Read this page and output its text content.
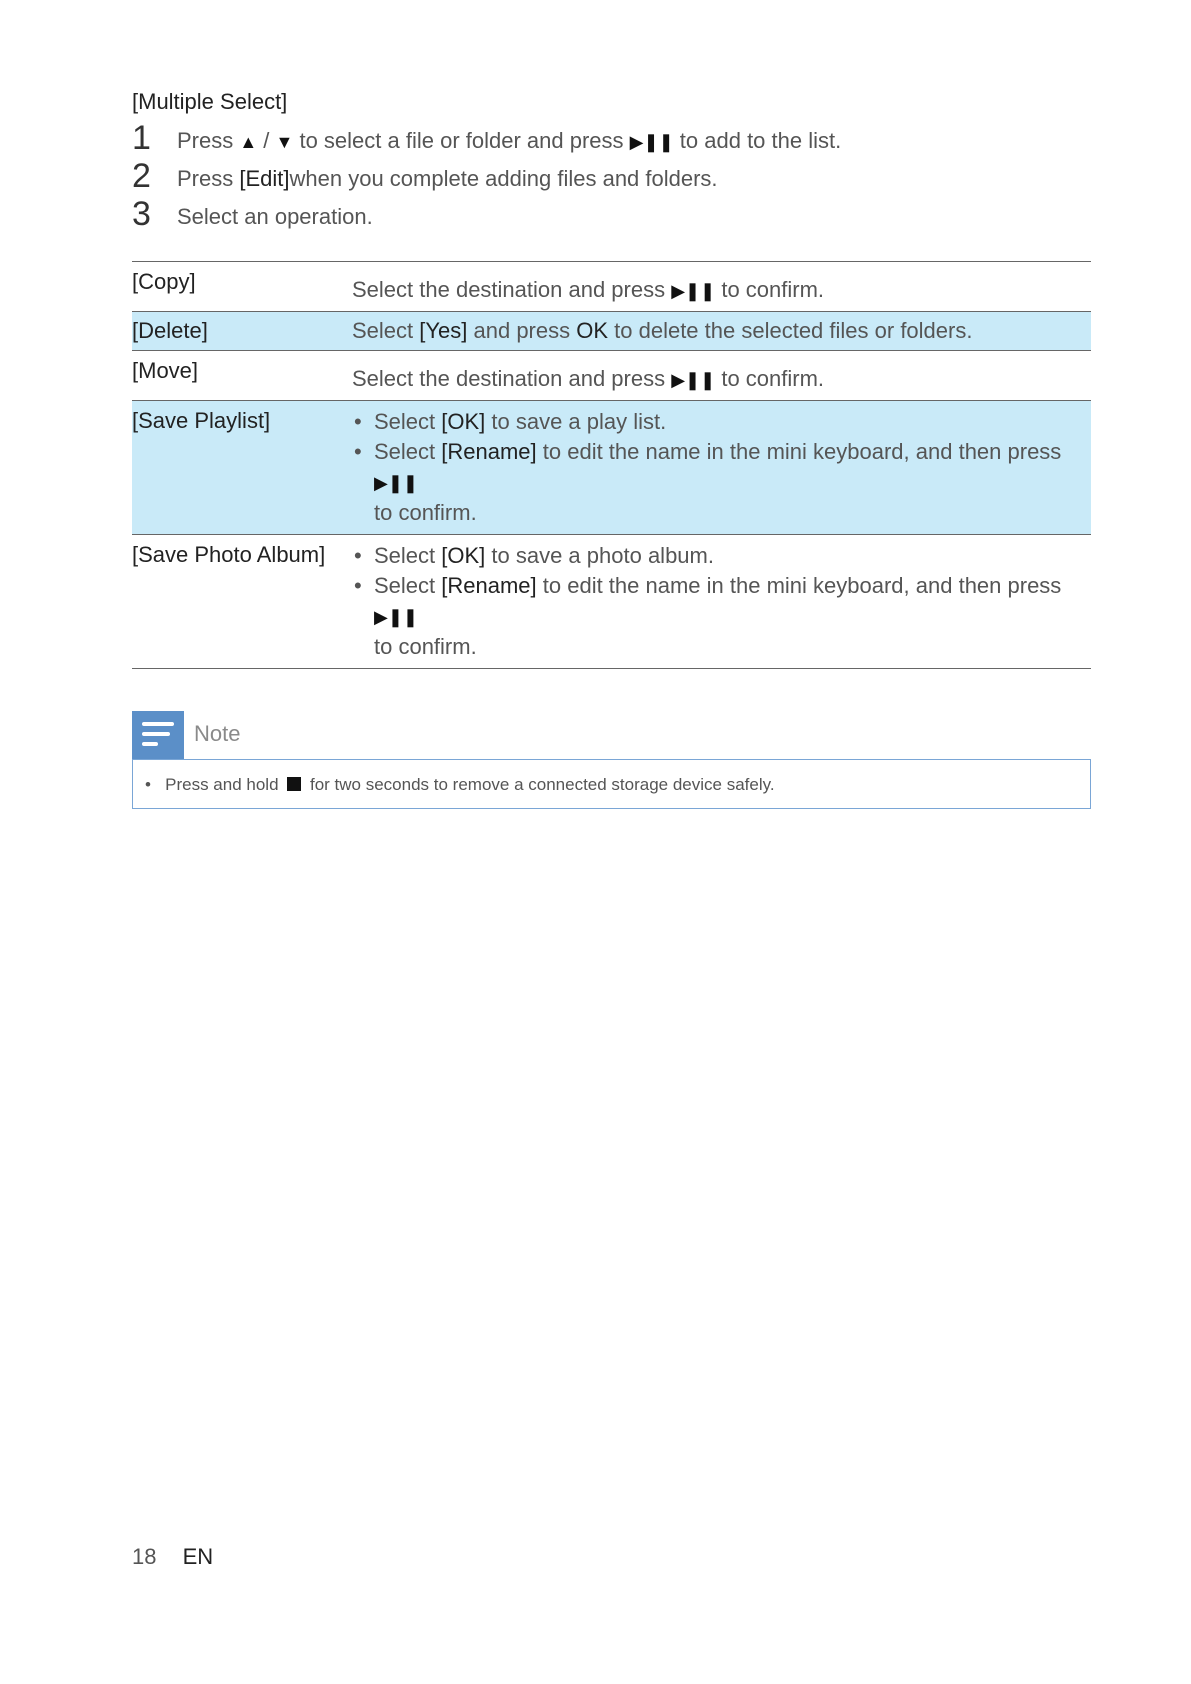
[Multiple Select]
1 Press ▲ / ▼ to select a file or folder and press ▶❚❚ to add to the list.
2 Press [Edit]when you complete adding files and folders.
3 Select an operation.
[Copy]	Select the destination and press ▶❚❚ to confirm.
[Delete]	Select [Yes] and press OK to delete the selected files or folders.
[Move]	Select the destination and press ▶❚❚ to confirm.
[Save Playlist]	• Select [OK] to save a play list.
• Select [Rename] to edit the name in the mini keyboard, and then press ▶❚❚
to confirm.
[Save Photo Album]	• Select [OK] to save a photo album.
• Select [Rename] to edit the name in the mini keyboard, and then press ▶❚❚
to confirm.
Note
•   Press and hold  for two seconds to remove a connected storage device safely.
18 EN
